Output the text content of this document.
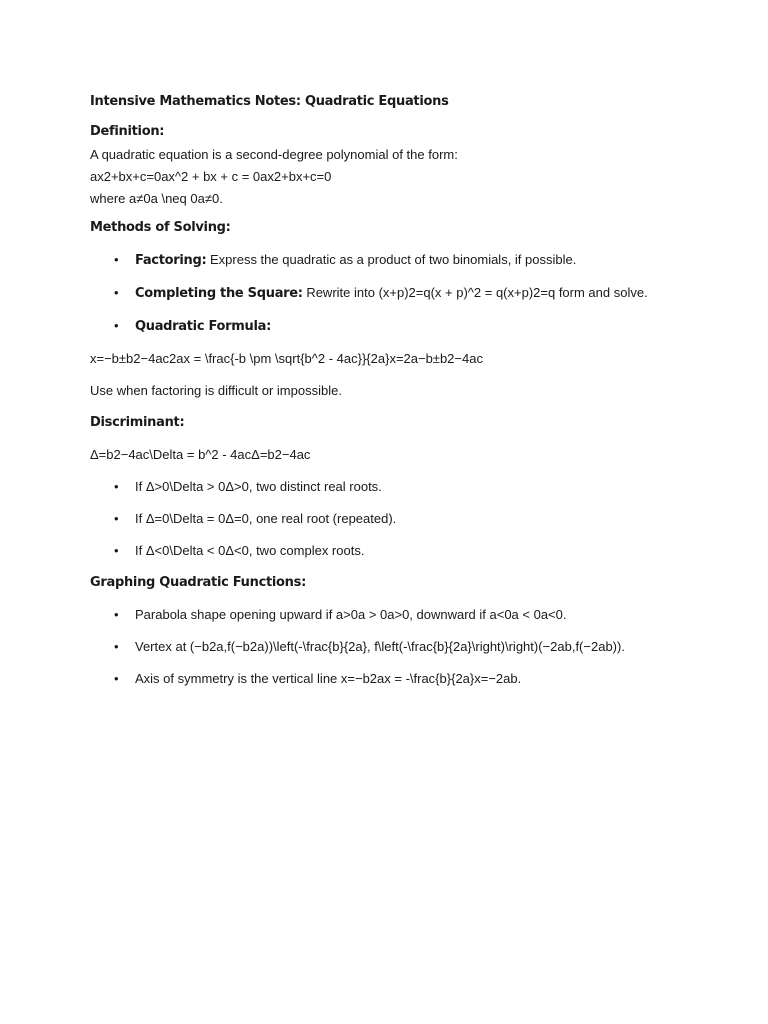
Intensive Mathematics Notes: Quadratic Equations

Definition:

A quadratic equation is a second-degree polynomial of the form:

ax2+bx+c=0ax^2 + bx + c = 0ax2+bx+c=0

where a≠0a \neq 0a≠0.

Methods of Solving:

• Factoring: Express the quadratic as a product of two binomials, if possible.
• Completing the Square: Rewrite into (x+p)2=q(x + p)^2 = q(x+p)2=q form and solve.
• Quadratic Formula:

x=−b±b2−4ac2ax = \frac{-b \pm \sqrt{b^2 - 4ac}}{2a}x=2a−b±b2−4ac

Use when factoring is difficult or impossible.

Discriminant:

Δ=b2−4ac\Delta = b^2 - 4acΔ=b2−4ac

• If Δ>0\Delta > 0Δ>0, two distinct real roots.
• If Δ=0\Delta = 0Δ=0, one real root (repeated).
• If Δ<0\Delta < 0Δ<0, two complex roots.

Graphing Quadratic Functions:

• Parabola shape opening upward if a>0a > 0a>0, downward if a<0a < 0a<0.
• Vertex at (−b2a,f(−b2a))\left(-\frac{b}{2a}, f\left(-\frac{b}{2a}\right)\right)(−2ab,f(−2ab)).
• Axis of symmetry is the vertical line x=−b2ax = -\frac{b}{2a}x=−2ab.
